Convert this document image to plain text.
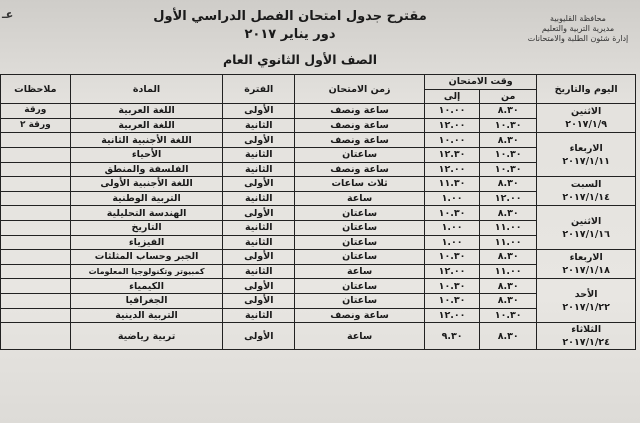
عـ	محافظة القليوبية
مديرية التربية والتعليم
إدارة شئون الطلبة والامتحانات
مقترح جدول امتحان الفصل الدراسي الأول
دور يناير ٢٠١٧
الصف الأول الثانوي العام
اليوم والتاريخ	وقت الامتحان		زمن الامتحان	الفترة	المادة	ملاحظات
	من	إلى				

الاثنين
٢٠١٧/١/٩	٨.٣٠	١٠.٠٠	ساعة ونصف	الأولى	اللغة العربية	ورقة
	١٠.٣٠	١٢.٠٠	ساعة ونصف	الثانية	اللغة العربية	ورقة ٢

الاربعاء
٢٠١٧/١/١١	٨.٣٠	١٠.٠٠	ساعة ونصف	الأولى	اللغة الأجنبية الثانية	
	١٠.٣٠	١٢.٣٠	ساعتان	الثانية	الأحياء	
	١٠.٣٠	١٢.٠٠	ساعة ونصف	الثانية	الفلسفة والمنطق	

السبت
٢٠١٧/١/١٤	٨.٣٠	١١.٣٠	ثلاث ساعات	الأولى	اللغة الأجنبية الأولى	
	١٢.٠٠	١.٠٠	ساعة	الثانية	التربية الوطنية	

الاثنين
٢٠١٧/١/١٦	٨.٣٠	١٠.٣٠	ساعتان	الأولى	الهندسة التحليلية	
	١١.٠٠	١.٠٠	ساعتان	الثانية	التاريخ	
	١١.٠٠	١.٠٠	ساعتان	الثانية	الفيزياء	

الاربعاء
٢٠١٧/١/١٨	٨.٣٠	١٠.٣٠	ساعتان	الأولى	الجبر وحساب المثلثات	
	١١.٠٠	١٢.٠٠	ساعة	الثانية	كمبيوتر وتكنولوجيا المعلومات	

الأحد
٢٠١٧/١/٢٢	٨.٣٠	١٠.٣٠	ساعتان	الأولى	الكيمياء	
	٨.٣٠	١٠.٣٠	ساعتان	الأولى	الجغرافيا	
	١٠.٣٠	١٢.٠٠	ساعة ونصف	الثانية	التربية الدينية	

الثلاثاء
٢٠١٧/١/٢٤	٨.٣٠	٩.٣٠	ساعة	الأولى	تربية رياضية	
